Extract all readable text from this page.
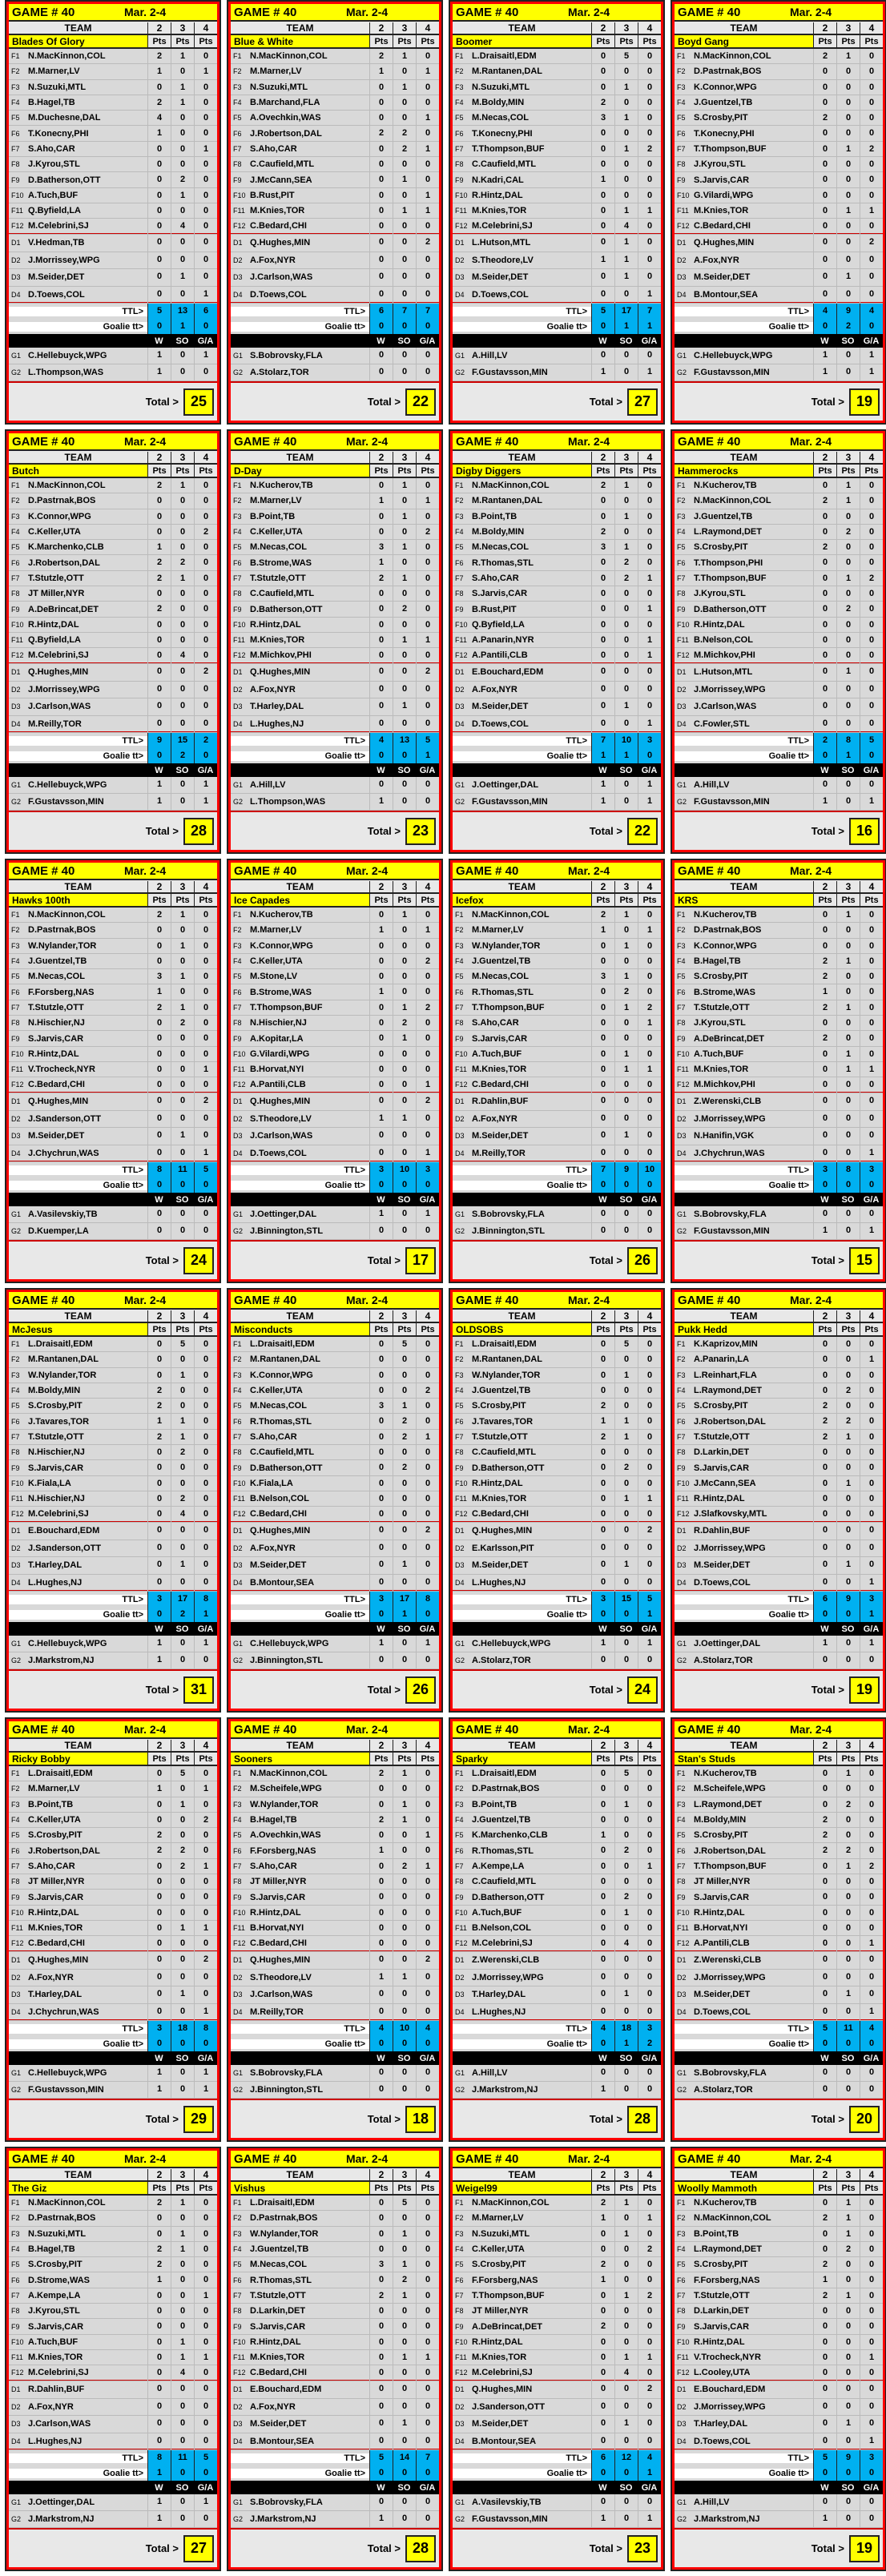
GAME # 40	Mar. 2-4
TEAM	2	3	4
Blades Of Glory	Pts	Pts	Pts
F1 N.MacKinnon,COL	2	1	0
F2 M.Marner,LV	1	0	1
F3 N.Suzuki,MTL	0	1	0
F4 B.Hagel,TB	2	1	0
F5 M.Duchesne,DAL	4	0	0
F6 T.Konecny,PHI	1	0	0
F7 S.Aho,CAR	0	0	1
F8 J.Kyrou,STL	0	0	0
F9 D.Batherson,OTT	0	2	0
F10 A.Tuch,BUF	0	1	0
F11 Q.Byfield,LA	0	0	0
F12 M.Celebrini,SJ	0	4	0
D1 V.Hedman,TB	0	0	0
D2 J.Morrissey,WPG	0	0	0
D3 M.Seider,DET	0	1	0
D4 D.Toews,COL	0	0	1
TTL>	5	13	6
Goalie tt>	0	1	0
W	SO	G/A
G1 C.Hellebuyck,WPG	1	0	1
G2 L.Thompson,WAS	1	0	0
Total > 25
GAME # 40	Mar. 2-4
TEAM	2	3	4
Blue & White	Pts	Pts	Pts
F1 N.MacKinnon,COL	2	1	0
F2 M.Marner,LV	1	0	1
F3 N.Suzuki,MTL	0	1	0
F4 B.Marchand,FLA	0	0	0
F5 A.Ovechkin,WAS	0	0	1
F6 J.Robertson,DAL	2	2	0
F7 S.Aho,CAR	0	2	1
F8 C.Caufield,MTL	0	0	0
F9 J.McCann,SEA	0	1	0
F10 B.Rust,PIT	0	0	1
F11 M.Knies,TOR	0	1	1
F12 C.Bedard,CHI	0	0	0
D1 Q.Hughes,MIN	0	0	2
D2 A.Fox,NYR	0	0	0
D3 J.Carlson,WAS	0	0	0
D4 D.Toews,COL	0	0	0
TTL>	6	7	7
Goalie tt>	0	0	0
W	SO	G/A
G1 S.Bobrovsky,FLA	0	0	0
G2 A.Stolarz,TOR	0	0	0
Total > 22
GAME # 40	Mar. 2-4
TEAM	2	3	4
Boomer	Pts	Pts	Pts
F1 L.Draisaitl,EDM	0	5	0
F2 M.Rantanen,DAL	0	0	0
F3 N.Suzuki,MTL	0	1	0
F4 M.Boldy,MIN	2	0	0
F5 M.Necas,COL	3	1	0
F6 T.Konecny,PHI	0	0	0
F7 T.Thompson,BUF	0	1	2
F8 C.Caufield,MTL	0	0	0
F9 N.Kadri,CAL	1	0	0
F10 R.Hintz,DAL	0	0	0
F11 M.Knies,TOR	0	1	1
F12 M.Celebrini,SJ	0	4	0
D1 L.Hutson,MTL	0	1	0
D2 S.Theodore,LV	1	1	0
D3 M.Seider,DET	0	1	0
D4 D.Toews,COL	0	0	1
TTL>	5	17	7
Goalie tt>	0	1	1
W	SO	G/A
G1 A.Hill,LV	0	0	0
G2 F.Gustavsson,MIN	1	0	1
Total > 27
GAME # 40	Mar. 2-4
TEAM	2	3	4
Boyd Gang	Pts	Pts	Pts
F1 N.MacKinnon,COL	2	1	0
F2 D.Pastrnak,BOS	0	0	0
F3 K.Connor,WPG	0	0	0
F4 J.Guentzel,TB	0	0	0
F5 S.Crosby,PIT	2	0	0
F6 T.Konecny,PHI	0	0	0
F7 T.Thompson,BUF	0	1	2
F8 J.Kyrou,STL	0	0	0
F9 S.Jarvis,CAR	0	0	0
F10 G.Vilardi,WPG	0	0	0
F11 M.Knies,TOR	0	1	1
F12 C.Bedard,CHI	0	0	0
D1 Q.Hughes,MIN	0	0	2
D2 A.Fox,NYR	0	0	0
D3 M.Seider,DET	0	1	0
D4 B.Montour,SEA	0	0	0
TTL>	4	9	4
Goalie tt>	0	2	0
W	SO	G/A
G1 C.Hellebuyck,WPG	1	0	1
G2 F.Gustavsson,MIN	1	0	1
Total > 19
GAME # 40	Mar. 2-4
TEAM	2	3	4
Butch	Pts	Pts	Pts
F1 N.MacKinnon,COL	2	1	0
F2 D.Pastrnak,BOS	0	0	0
F3 K.Connor,WPG	0	0	0
F4 C.Keller,UTA	0	0	2
F5 K.Marchenko,CLB	1	0	0
F6 J.Robertson,DAL	2	2	0
F7 T.Stutzle,OTT	2	1	0
F8 JT Miller,NYR	0	0	0
F9 A.DeBrincat,DET	2	0	0
F10 R.Hintz,DAL	0	0	0
F11 Q.Byfield,LA	0	0	0
F12 M.Celebrini,SJ	0	4	0
D1 Q.Hughes,MIN	0	0	2
D2 J.Morrissey,WPG	0	0	0
D3 J.Carlson,WAS	0	0	0
D4 M.Reilly,TOR	0	0	0
TTL>	9	15	2
Goalie tt>	0	2	0
W	SO	G/A
G1 C.Hellebuyck,WPG	1	0	1
G2 F.Gustavsson,MIN	1	0	1
Total > 28
GAME # 40	Mar. 2-4
TEAM	2	3	4
D-Day	Pts	Pts	Pts
F1 N.Kucherov,TB	0	1	0
F2 M.Marner,LV	1	0	1
F3 B.Point,TB	0	1	0
F4 C.Keller,UTA	0	0	2
F5 M.Necas,COL	3	1	0
F6 B.Strome,WAS	1	0	0
F7 T.Stutzle,OTT	2	1	0
F8 C.Caufield,MTL	0	0	0
F9 D.Batherson,OTT	0	2	0
F10 R.Hintz,DAL	0	0	0
F11 M.Knies,TOR	0	1	1
F12 M.Michkov,PHI	0	0	0
D1 Q.Hughes,MIN	0	0	2
D2 A.Fox,NYR	0	0	0
D3 T.Harley,DAL	0	1	0
D4 L.Hughes,NJ	0	0	0
TTL>	4	13	5
Goalie tt>	0	0	1
W	SO	G/A
G1 A.Hill,LV	0	0	0
G2 L.Thompson,WAS	1	0	0
Total > 23
GAME # 40	Mar. 2-4
TEAM	2	3	4
Digby Diggers	Pts	Pts	Pts
F1 N.MacKinnon,COL	2	1	0
F2 M.Rantanen,DAL	0	0	0
F3 B.Point,TB	0	1	0
F4 M.Boldy,MIN	2	0	0
F5 M.Necas,COL	3	1	0
F6 R.Thomas,STL	0	2	0
F7 S.Aho,CAR	0	2	1
F8 S.Jarvis,CAR	0	0	0
F9 B.Rust,PIT	0	0	1
F10 Q.Byfield,LA	0	0	0
F11 A.Panarin,NYR	0	0	1
F12 A.Pantili,CLB	0	0	1
D1 E.Bouchard,EDM	0	0	0
D2 A.Fox,NYR	0	0	0
D3 M.Seider,DET	0	1	0
D4 D.Toews,COL	0	0	1
TTL>	7	10	3
Goalie tt>	1	1	0
W	SO	G/A
G1 J.Oettinger,DAL	1	0	1
G2 F.Gustavsson,MIN	1	0	1
Total > 22
GAME # 40	Mar. 2-4
TEAM	2	3	4
Hammerocks	Pts	Pts	Pts
F1 N.Kucherov,TB	0	1	0
F2 N.MacKinnon,COL	2	1	0
F3 J.Guentzel,TB	0	0	0
F4 L.Raymond,DET	0	2	0
F5 S.Crosby,PIT	2	0	0
F6 T.Thompson,PHI	0	0	0
F7 T.Thompson,BUF	0	1	2
F8 J.Kyrou,STL	0	0	0
F9 D.Batherson,OTT	0	2	0
F10 R.Hintz,DAL	0	0	0
F11 B.Nelson,COL	0	0	0
F12 M.Michkov,PHI	0	0	0
D1 L.Hutson,MTL	0	1	0
D2 J.Morrissey,WPG	0	0	0
D3 J.Carlson,WAS	0	0	0
D4 C.Fowler,STL	0	0	0
TTL>	2	8	5
Goalie tt>	0	1	0
W	SO	G/A
G1 A.Hill,LV	0	0	0
G2 F.Gustavsson,MIN	1	0	1
Total > 16
GAME # 40	Mar. 2-4
TEAM	2	3	4
Hawks 100th	Pts	Pts	Pts
F1 N.MacKinnon,COL	2	1	0
F2 D.Pastrnak,BOS	0	0	0
F3 W.Nylander,TOR	0	1	0
F4 J.Guentzel,TB	0	0	0
F5 M.Necas,COL	3	1	0
F6 F.Forsberg,NAS	1	0	0
F7 T.Stutzle,OTT	2	1	0
F8 N.Hischier,NJ	0	2	0
F9 S.Jarvis,CAR	0	0	0
F10 R.Hintz,DAL	0	0	0
F11 V.Trocheck,NYR	0	0	1
F12 C.Bedard,CHI	0	0	0
D1 Q.Hughes,MIN	0	0	2
D2 J.Sanderson,OTT	0	0	0
D3 M.Seider,DET	0	1	0
D4 J.Chychrun,WAS	0	0	1
TTL>	8	11	5
Goalie tt>	0	0	0
W	SO	G/A
G1 A.Vasilevskiy,TB	0	0	0
G2 D.Kuemper,LA	0	0	0
Total > 24
GAME # 40	Mar. 2-4
TEAM	2	3	4
Ice Capades	Pts	Pts	Pts
F1 N.Kucherov,TB	0	1	0
F2 M.Marner,LV	1	0	1
F3 K.Connor,WPG	0	0	0
F4 C.Keller,UTA	0	0	2
F5 M.Stone,LV	0	0	0
F6 B.Strome,WAS	1	0	0
F7 T.Thompson,BUF	0	1	2
F8 N.Hischier,NJ	0	2	0
F9 A.Kopitar,LA	0	1	0
F10 G.Vilardi,WPG	0	0	0
F11 B.Horvat,NYI	0	0	0
F12 A.Pantili,CLB	0	0	1
D1 Q.Hughes,MIN	0	0	2
D2 S.Theodore,LV	1	1	0
D3 J.Carlson,WAS	0	0	0
D4 D.Toews,COL	0	0	1
TTL>	3	10	3
Goalie tt>	0	0	0
W	SO	G/A
G1 J.Oettinger,DAL	1	0	1
G2 J.Binnington,STL	0	0	0
Total > 17
GAME # 40	Mar. 2-4
TEAM	2	3	4
Icefox	Pts	Pts	Pts
F1 N.MacKinnon,COL	2	1	0
F2 M.Marner,LV	1	0	1
F3 W.Nylander,TOR	0	1	0
F4 J.Guentzel,TB	0	0	0
F5 M.Necas,COL	3	1	0
F6 R.Thomas,STL	0	2	0
F7 T.Thompson,BUF	0	1	2
F8 S.Aho,CAR	0	0	1
F9 S.Jarvis,CAR	0	0	0
F10 A.Tuch,BUF	0	1	0
F11 M.Knies,TOR	0	1	1
F12 C.Bedard,CHI	0	0	0
D1 R.Dahlin,BUF	0	0	0
D2 A.Fox,NYR	0	0	0
D3 M.Seider,DET	0	1	0
D4 M.Reilly,TOR	0	0	0
TTL>	7	9	10
Goalie tt>	0	0	0
W	SO	G/A
G1 S.Bobrovsky,FLA	0	0	0
G2 J.Binnington,STL	0	0	0
Total > 26
GAME # 40	Mar. 2-4
TEAM	2	3	4
KRS	Pts	Pts	Pts
F1 N.Kucherov,TB	0	1	0
F2 D.Pastrnak,BOS	0	0	0
F3 K.Connor,WPG	0	0	0
F4 B.Hagel,TB	2	1	0
F5 S.Crosby,PIT	2	0	0
F6 B.Strome,WAS	1	0	0
F7 T.Stutzle,OTT	2	1	0
F8 J.Kyrou,STL	0	0	0
F9 A.DeBrincat,DET	2	0	0
F10 A.Tuch,BUF	0	1	0
F11 M.Knies,TOR	0	1	1
F12 M.Michkov,PHI	0	0	0
D1 Z.Werenski,CLB	0	0	0
D2 J.Morrissey,WPG	0	0	0
D3 N.Hanifin,VGK	0	0	0
D4 J.Chychrun,WAS	0	0	1
TTL>	3	8	3
Goalie tt>	0	0	0
W	SO	G/A
G1 S.Bobrovsky,FLA	0	0	0
G2 F.Gustavsson,MIN	1	0	1
Total > 15
GAME # 40	Mar. 2-4
TEAM	2	3	4
McJesus	Pts	Pts	Pts
F1 L.Draisaitl,EDM	0	5	0
F2 M.Rantanen,DAL	0	0	0
F3 W.Nylander,TOR	0	1	0
F4 M.Boldy,MIN	2	0	0
F5 S.Crosby,PIT	2	0	0
F6 J.Tavares,TOR	1	1	0
F7 T.Stutzle,OTT	2	1	0
F8 N.Hischier,NJ	0	2	0
F9 S.Jarvis,CAR	0	0	0
F10 K.Fiala,LA	0	0	0
F11 N.Hischier,NJ	0	2	0
F12 M.Celebrini,SJ	0	4	0
D1 E.Bouchard,EDM	0	0	0
D2 J.Sanderson,OTT	0	0	0
D3 T.Harley,DAL	0	1	0
D4 L.Hughes,NJ	0	0	0
TTL>	3	17	8
Goalie tt>	0	2	1
W	SO	G/A
G1 C.Hellebuyck,WPG	1	0	1
G2 J.Markstrom,NJ	1	0	0
Total > 31
GAME # 40	Mar. 2-4
TEAM	2	3	4
Misconducts	Pts	Pts	Pts
F1 L.Draisaitl,EDM	0	5	0
F2 M.Rantanen,DAL	0	0	0
F3 K.Connor,WPG	0	0	0
F4 C.Keller,UTA	0	0	2
F5 M.Necas,COL	3	1	0
F6 R.Thomas,STL	0	2	0
F7 S.Aho,CAR	0	2	1
F8 C.Caufield,MTL	0	0	0
F9 D.Batherson,OTT	0	2	0
F10 K.Fiala,LA	0	0	0
F11 B.Nelson,COL	0	0	0
F12 C.Bedard,CHI	0	0	0
D1 Q.Hughes,MIN	0	0	2
D2 A.Fox,NYR	0	0	0
D3 M.Seider,DET	0	1	0
D4 B.Montour,SEA	0	0	0
TTL>	3	17	8
Goalie tt>	0	1	0
W	SO	G/A
G1 C.Hellebuyck,WPG	1	0	1
G2 J.Binnington,STL	0	0	0
Total > 26
GAME # 40	Mar. 2-4
TEAM	2	3	4
OLDSOBS	Pts	Pts	Pts
F1 L.Draisaitl,EDM	0	5	0
F2 M.Rantanen,DAL	0	0	0
F3 W.Nylander,TOR	0	1	0
F4 J.Guentzel,TB	0	0	0
F5 S.Crosby,PIT	2	0	0
F6 J.Tavares,TOR	1	1	0
F7 T.Stutzle,OTT	2	1	0
F8 C.Caufield,MTL	0	0	0
F9 D.Batherson,OTT	0	2	0
F10 R.Hintz,DAL	0	0	0
F11 M.Knies,TOR	0	1	1
F12 C.Bedard,CHI	0	0	0
D1 Q.Hughes,MIN	0	0	2
D2 E.Karlsson,PIT	0	0	0
D3 M.Seider,DET	0	1	0
D4 L.Hughes,NJ	0	0	0
TTL>	3	15	5
Goalie tt>	0	0	1
W	SO	G/A
G1 C.Hellebuyck,WPG	1	0	1
G2 A.Stolarz,TOR	0	0	0
Total > 24
GAME # 40	Mar. 2-4
TEAM	2	3	4
Pukk Hedd	Pts	Pts	Pts
F1 K.Kaprizov,MIN	0	0	0
F2 A.Panarin,LA	0	0	1
F3 L.Reinhart,FLA	0	0	0
F4 L.Raymond,DET	0	2	0
F5 S.Crosby,PIT	2	0	0
F6 J.Robertson,DAL	2	2	0
F7 T.Stutzle,OTT	2	1	0
F8 D.Larkin,DET	0	0	0
F9 S.Jarvis,CAR	0	0	0
F10 J.McCann,SEA	0	1	0
F11 R.Hintz,DAL	0	0	0
F12 J.Slafkovsky,MTL	0	0	0
D1 R.Dahlin,BUF	0	0	0
D2 J.Morrissey,WPG	0	0	0
D3 M.Seider,DET	0	1	0
D4 D.Toews,COL	0	0	1
TTL>	6	9	3
Goalie tt>	0	0	1
W	SO	G/A
G1 J.Oettinger,DAL	1	0	1
G2 A.Stolarz,TOR	0	0	0
Total > 19
GAME # 40	Mar. 2-4
TEAM	2	3	4
Ricky Bobby	Pts	Pts	Pts
F1 L.Draisaitl,EDM	0	5	0
F2 M.Marner,LV	1	0	1
F3 B.Point,TB	0	1	0
F4 C.Keller,UTA	0	0	2
F5 S.Crosby,PIT	2	0	0
F6 J.Robertson,DAL	2	2	0
F7 S.Aho,CAR	0	2	1
F8 JT Miller,NYR	0	0	0
F9 S.Jarvis,CAR	0	0	0
F10 R.Hintz,DAL	0	0	0
F11 M.Knies,TOR	0	1	1
F12 C.Bedard,CHI	0	0	0
D1 Q.Hughes,MIN	0	0	2
D2 A.Fox,NYR	0	0	0
D3 T.Harley,DAL	0	1	0
D4 J.Chychrun,WAS	0	0	1
TTL>	3	18	8
Goalie tt>	0	0	0
W	SO	G/A
G1 C.Hellebuyck,WPG	1	0	1
G2 F.Gustavsson,MIN	1	0	1
Total > 29
GAME # 40	Mar. 2-4
TEAM	2	3	4
Sooners	Pts	Pts	Pts
F1 N.MacKinnon,COL	2	1	0
F2 M.Scheifele,WPG	0	0	0
F3 W.Nylander,TOR	0	1	0
F4 B.Hagel,TB	2	1	0
F5 A.Ovechkin,WAS	0	0	1
F6 F.Forsberg,NAS	1	0	0
F7 S.Aho,CAR	0	2	1
F8 JT Miller,NYR	0	0	0
F9 S.Jarvis,CAR	0	0	0
F10 R.Hintz,DAL	0	0	0
F11 B.Horvat,NYI	0	0	0
F12 C.Bedard,CHI	0	0	0
D1 Q.Hughes,MIN	0	0	2
D2 S.Theodore,LV	1	1	0
D3 J.Carlson,WAS	0	0	0
D4 M.Reilly,TOR	0	0	0
TTL>	4	10	4
Goalie tt>	0	0	0
W	SO	G/A
G1 S.Bobrovsky,FLA	0	0	0
G2 J.Binnington,STL	0	0	0
Total > 18
GAME # 40	Mar. 2-4
TEAM	2	3	4
Sparky	Pts	Pts	Pts
F1 L.Draisaitl,EDM	0	5	0
F2 D.Pastrnak,BOS	0	0	0
F3 B.Point,TB	0	1	0
F4 J.Guentzel,TB	0	0	0
F5 K.Marchenko,CLB	1	0	0
F6 R.Thomas,STL	0	2	0
F7 A.Kempe,LA	0	0	1
F8 C.Caufield,MTL	0	0	0
F9 D.Batherson,OTT	0	2	0
F10 A.Tuch,BUF	0	1	0
F11 B.Nelson,COL	0	0	0
F12 M.Celebrini,SJ	0	4	0
D1 Z.Werenski,CLB	0	0	0
D2 J.Morrissey,WPG	0	0	0
D3 T.Harley,DAL	0	1	0
D4 L.Hughes,NJ	0	0	0
TTL>	4	18	3
Goalie tt>	0	1	2
W	SO	G/A
G1 A.Hill,LV	0	0	0
G2 J.Markstrom,NJ	1	0	0
Total > 28
GAME # 40	Mar. 2-4
TEAM	2	3	4
Stan's Studs	Pts	Pts	Pts
F1 N.Kucherov,TB	0	1	0
F2 M.Scheifele,WPG	0	0	0
F3 L.Raymond,DET	0	2	0
F4 M.Boldy,MIN	2	0	0
F5 S.Crosby,PIT	2	0	0
F6 J.Robertson,DAL	2	2	0
F7 T.Thompson,BUF	0	1	2
F8 JT Miller,NYR	0	0	0
F9 S.Jarvis,CAR	0	0	0
F10 R.Hintz,DAL	0	0	0
F11 B.Horvat,NYI	0	0	0
F12 A.Pantili,CLB	0	0	1
D1 Z.Werenski,CLB	0	0	0
D2 J.Morrissey,WPG	0	0	0
D3 M.Seider,DET	0	1	0
D4 D.Toews,COL	0	0	1
TTL>	5	11	4
Goalie tt>	0	0	0
W	SO	G/A
G1 S.Bobrovsky,FLA	0	0	0
G2 A.Stolarz,TOR	0	0	0
Total > 20
GAME # 40	Mar. 2-4
TEAM	2	3	4
The Giz	Pts	Pts	Pts
F1 N.MacKinnon,COL	2	1	0
F2 D.Pastrnak,BOS	0	0	0
F3 N.Suzuki,MTL	0	1	0
F4 B.Hagel,TB	2	1	0
F5 S.Crosby,PIT	2	0	0
F6 D.Strome,WAS	1	0	0
F7 A.Kempe,LA	0	0	1
F8 J.Kyrou,STL	0	0	0
F9 S.Jarvis,CAR	0	0	0
F10 A.Tuch,BUF	0	1	0
F11 M.Knies,TOR	0	1	1
F12 M.Celebrini,SJ	0	4	0
D1 R.Dahlin,BUF	0	0	0
D2 A.Fox,NYR	0	0	0
D3 J.Carlson,WAS	0	0	0
D4 L.Hughes,NJ	0	0	0
TTL>	8	11	5
Goalie tt>	1	0	0
W	SO	G/A
G1 J.Oettinger,DAL	1	0	1
G2 J.Markstrom,NJ	1	0	0
Total > 27
GAME # 40	Mar. 2-4
TEAM	2	3	4
Vishus	Pts	Pts	Pts
F1 L.Draisaitl,EDM	0	5	0
F2 D.Pastrnak,BOS	0	0	0
F3 W.Nylander,TOR	0	1	0
F4 J.Guentzel,TB	0	0	0
F5 M.Necas,COL	3	1	0
F6 R.Thomas,STL	0	2	0
F7 T.Stutzle,OTT	2	1	0
F8 D.Larkin,DET	0	0	0
F9 S.Jarvis,CAR	0	0	0
F10 R.Hintz,DAL	0	0	0
F11 M.Knies,TOR	0	1	1
F12 C.Bedard,CHI	0	0	0
D1 E.Bouchard,EDM	0	0	0
D2 A.Fox,NYR	0	0	0
D3 M.Seider,DET	0	1	0
D4 B.Montour,SEA	0	0	0
TTL>	5	14	7
Goalie tt>	0	0	0
W	SO	G/A
G1 S.Bobrovsky,FLA	0	0	0
G2 J.Markstrom,NJ	1	0	0
Total > 28
GAME # 40	Mar. 2-4
TEAM	2	3	4
Weigel99	Pts	Pts	Pts
F1 N.MacKinnon,COL	2	1	0
F2 M.Marner,LV	1	0	1
F3 N.Suzuki,MTL	0	1	0
F4 C.Keller,UTA	0	0	2
F5 S.Crosby,PIT	2	0	0
F6 F.Forsberg,NAS	1	0	0
F7 T.Thompson,BUF	0	1	2
F8 JT Miller,NYR	0	0	0
F9 A.DeBrincat,DET	2	0	0
F10 R.Hintz,DAL	0	0	0
F11 M.Knies,TOR	0	1	1
F12 M.Celebrini,SJ	0	4	0
D1 Q.Hughes,MIN	0	0	2
D2 J.Sanderson,OTT	0	0	0
D3 M.Seider,DET	0	1	0
D4 B.Montour,SEA	0	0	0
TTL>	6	12	4
Goalie tt>	0	0	1
W	SO	G/A
G1 A.Vasilevskiy,TB	0	0	0
G2 F.Gustavsson,MIN	1	0	1
Total > 23
GAME # 40	Mar. 2-4
TEAM	2	3	4
Woolly Mammoth	Pts	Pts	Pts
F1 N.Kucherov,TB	0	1	0
F2 N.MacKinnon,COL	2	1	0
F3 B.Point,TB	0	1	0
F4 L.Raymond,DET	0	2	0
F5 S.Crosby,PIT	2	0	0
F6 F.Forsberg,NAS	1	0	0
F7 T.Stutzle,OTT	2	1	0
F8 D.Larkin,DET	0	0	0
F9 S.Jarvis,CAR	0	0	0
F10 R.Hintz,DAL	0	0	0
F11 V.Trocheck,NYR	0	0	1
F12 L.Cooley,UTA	0	0	0
D1 E.Bouchard,EDM	0	0	0
D2 J.Morrissey,WPG	0	0	0
D3 T.Harley,DAL	0	1	0
D4 D.Toews,COL	0	0	1
TTL>	5	9	3
Goalie tt>	0	0	0
W	SO	G/A
G1 A.Hill,LV	0	0	0
G2 J.Markstrom,NJ	1	0	0
Total > 19
